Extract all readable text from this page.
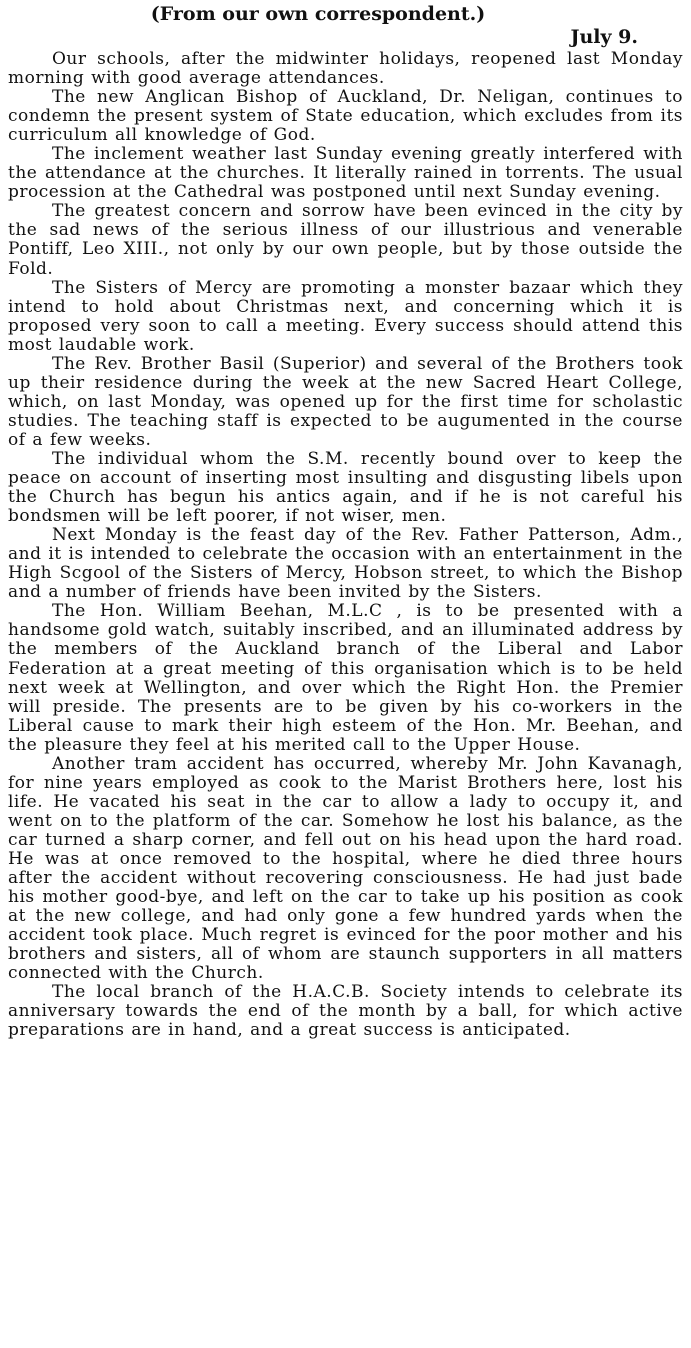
(From our own correspondent.)

July 9.

Our schools, after the midwinter holidays, reopened last Monday morning with good average attendances.

The new Anglican Bishop of Auckland, Dr. Neligan, continues to condemn the present system of State education, which excludes from its curriculum all knowledge of God.

The inclement weather last Sunday evening greatly interfered with the attendance at the churches. It literally rained in torrents. The usual procession at the Cathedral was postponed until next Sunday evening.

The greatest concern and sorrow have been evinced in the city by the sad news of the serious illness of our illustrious and venerable Pontiff, Leo XIII., not only by our own people, but by those outside the Fold.

The Sisters of Mercy are promoting a monster bazaar which they intend to hold about Christmas next, and concerning which it is proposed very soon to call a meeting. Every success should attend this most laudable work.

The Rev. Brother Basil (Superior) and several of the Brothers took up their residence during the week at the new Sacred Heart College, which, on last Monday, was opened up for the first time for scholastic studies. The teaching staff is expected to be augumented in the course of a few weeks.

The individual whom the S.M. recently bound over to keep the peace on account of inserting most insulting and disgusting libels upon the Church has begun his antics again, and if he is not careful his bondsmen will be left poorer, if not wiser, men.

Next Monday is the feast day of the Rev. Father Patterson, Adm., and it is intended to celebrate the occasion with an entertainment in the High Scgool of the Sisters of Mercy, Hobson street, to which the Bishop and a number of friends have been invited by the Sisters.

The Hon. William Beehan, M.L.C , is to be presented with a handsome gold watch, suitably inscribed, and an illuminated address by the members of the Auckland branch of the Liberal and Labor Federation at a great meeting of this organisation which is to be held next week at Wellington, and over which the Right Hon. the Premier will preside. The presents are to be given by his co-workers in the Liberal cause to mark their high esteem of the Hon. Mr. Beehan, and the pleasure they feel at his merited call to the Upper House.

Another tram accident has occurred, whereby Mr. John Kavanagh, for nine years employed as cook to the Marist Brothers here, lost his life. He vacated his seat in the car to allow a lady to occupy it, and went on to the platform of the car. Somehow he lost his balance, as the car turned a sharp corner, and fell out on his head upon the hard road. He was at once removed to the hospital, where he died three hours after the accident without recovering consciousness. He had just bade his mother good-bye, and left on the car to take up his position as cook at the new college, and had only gone a few hundred yards when the accident took place. Much regret is evinced for the poor mother and his brothers and sisters, all of whom are staunch supporters in all matters connected with the Church.

The local branch of the H.A.C.B. Society intends to celebrate its anniversary towards the end of the month by a ball, for which active preparations are in hand, and a great success is anticipated.
